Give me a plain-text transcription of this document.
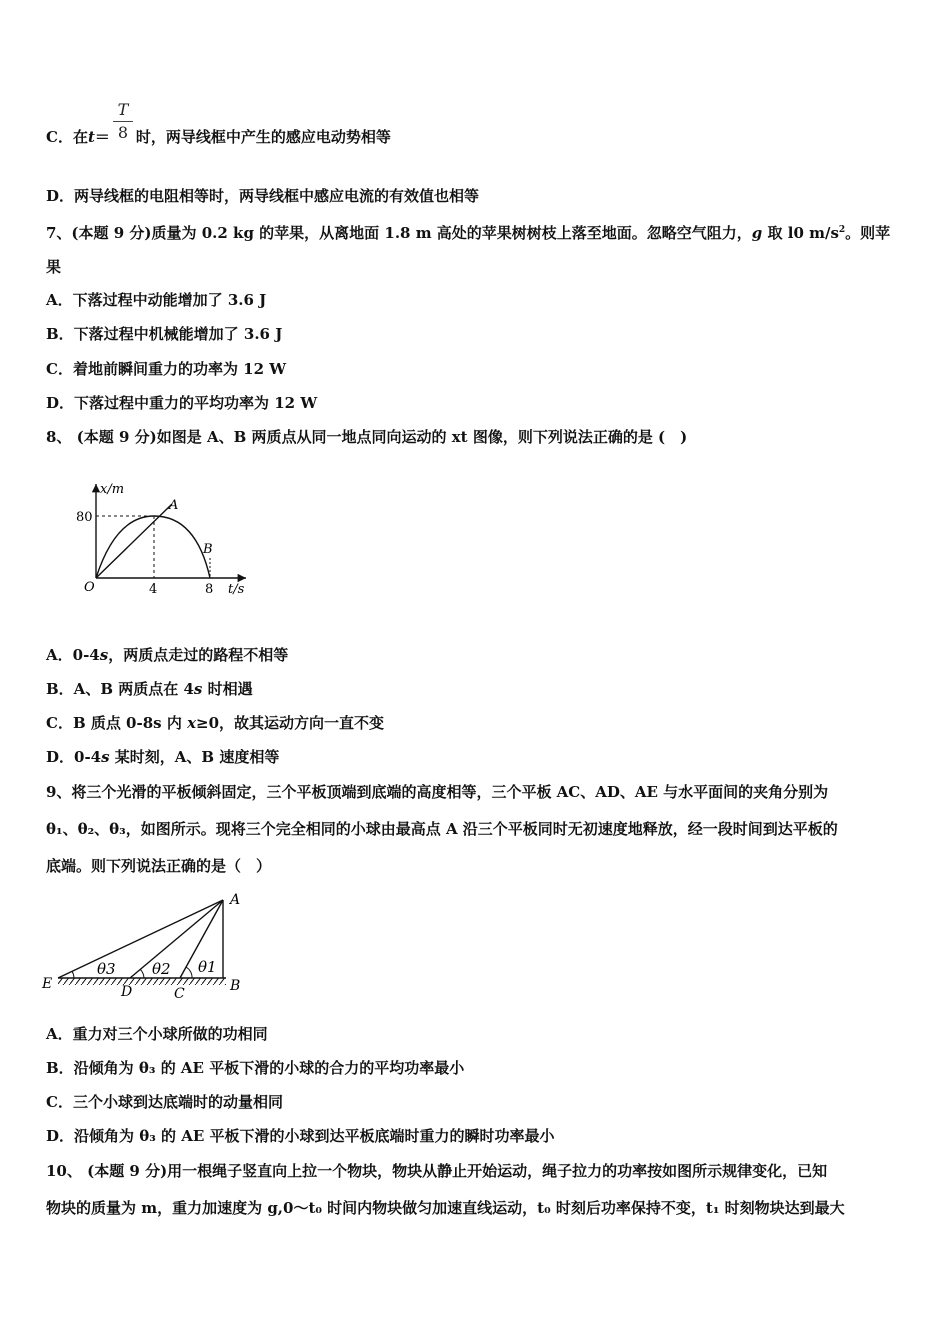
T
8
C．在t＝ 时，两导线框中产生的感应电动势相等
D．两导线框的电阻相等时，两导线框中感应电流的有效值也相等
7、(本题 9 分)质量为 0.2 kg 的苹果，从离地面 1.8 m 高处的苹果树树枝上落至地面。忽略空气阻力，g 取 l0 $m/s^2$。则苹
果
A．下落过程中动能增加了 3.6 J
B．下落过程中机械能增加了 3.6 J
C．着地前瞬间重力的功率为 12 W
D．下落过程中重力的平均功率为 12 W
8、 (本题 9 分)如图是 A、B 两质点从同一地点同向运动的 xt 图像，则下列说法正确的是 (　)
x/m
t/s
O
80
4	8
A
B
A．0-4s，两质点走过的路程不相等
B．A、B 两质点在 4s 时相遇
C．B 质点 0-8s 内 x≥0，故其运动方向一直不变
D．0-4s 某时刻，A、B 速度相等
9、将三个光滑的平板倾斜固定，三个平板顶端到底端的高度相等，三个平板 AC、AD、AE 与水平面间的夹角分别为
θ₁、θ₂、θ₃，如图所示。现将三个完全相同的小球由最高点 A 沿三个平板同时无初速度地释放，经一段时间到达平板的
底端。则下列说法正确的是（　）
A
B
C
D
E
θ3 θ2 θ1
A．重力对三个小球所做的功相同
B．沿倾角为 θ₃ 的 AE 平板下滑的小球的合力的平均功率最小
C．三个小球到达底端时的动量相同
D．沿倾角为 θ₃ 的 AE 平板下滑的小球到达平板底端时重力的瞬时功率最小
10、 (本题 9 分)用一根绳子竖直向上拉一个物块，物块从静止开始运动，绳子拉力的功率按如图所示规律变化，已知
物块的质量为 m，重力加速度为 g,0～t₀ 时间内物块做匀加速直线运动，t₀ 时刻后功率保持不变，t₁ 时刻物块达到最大
